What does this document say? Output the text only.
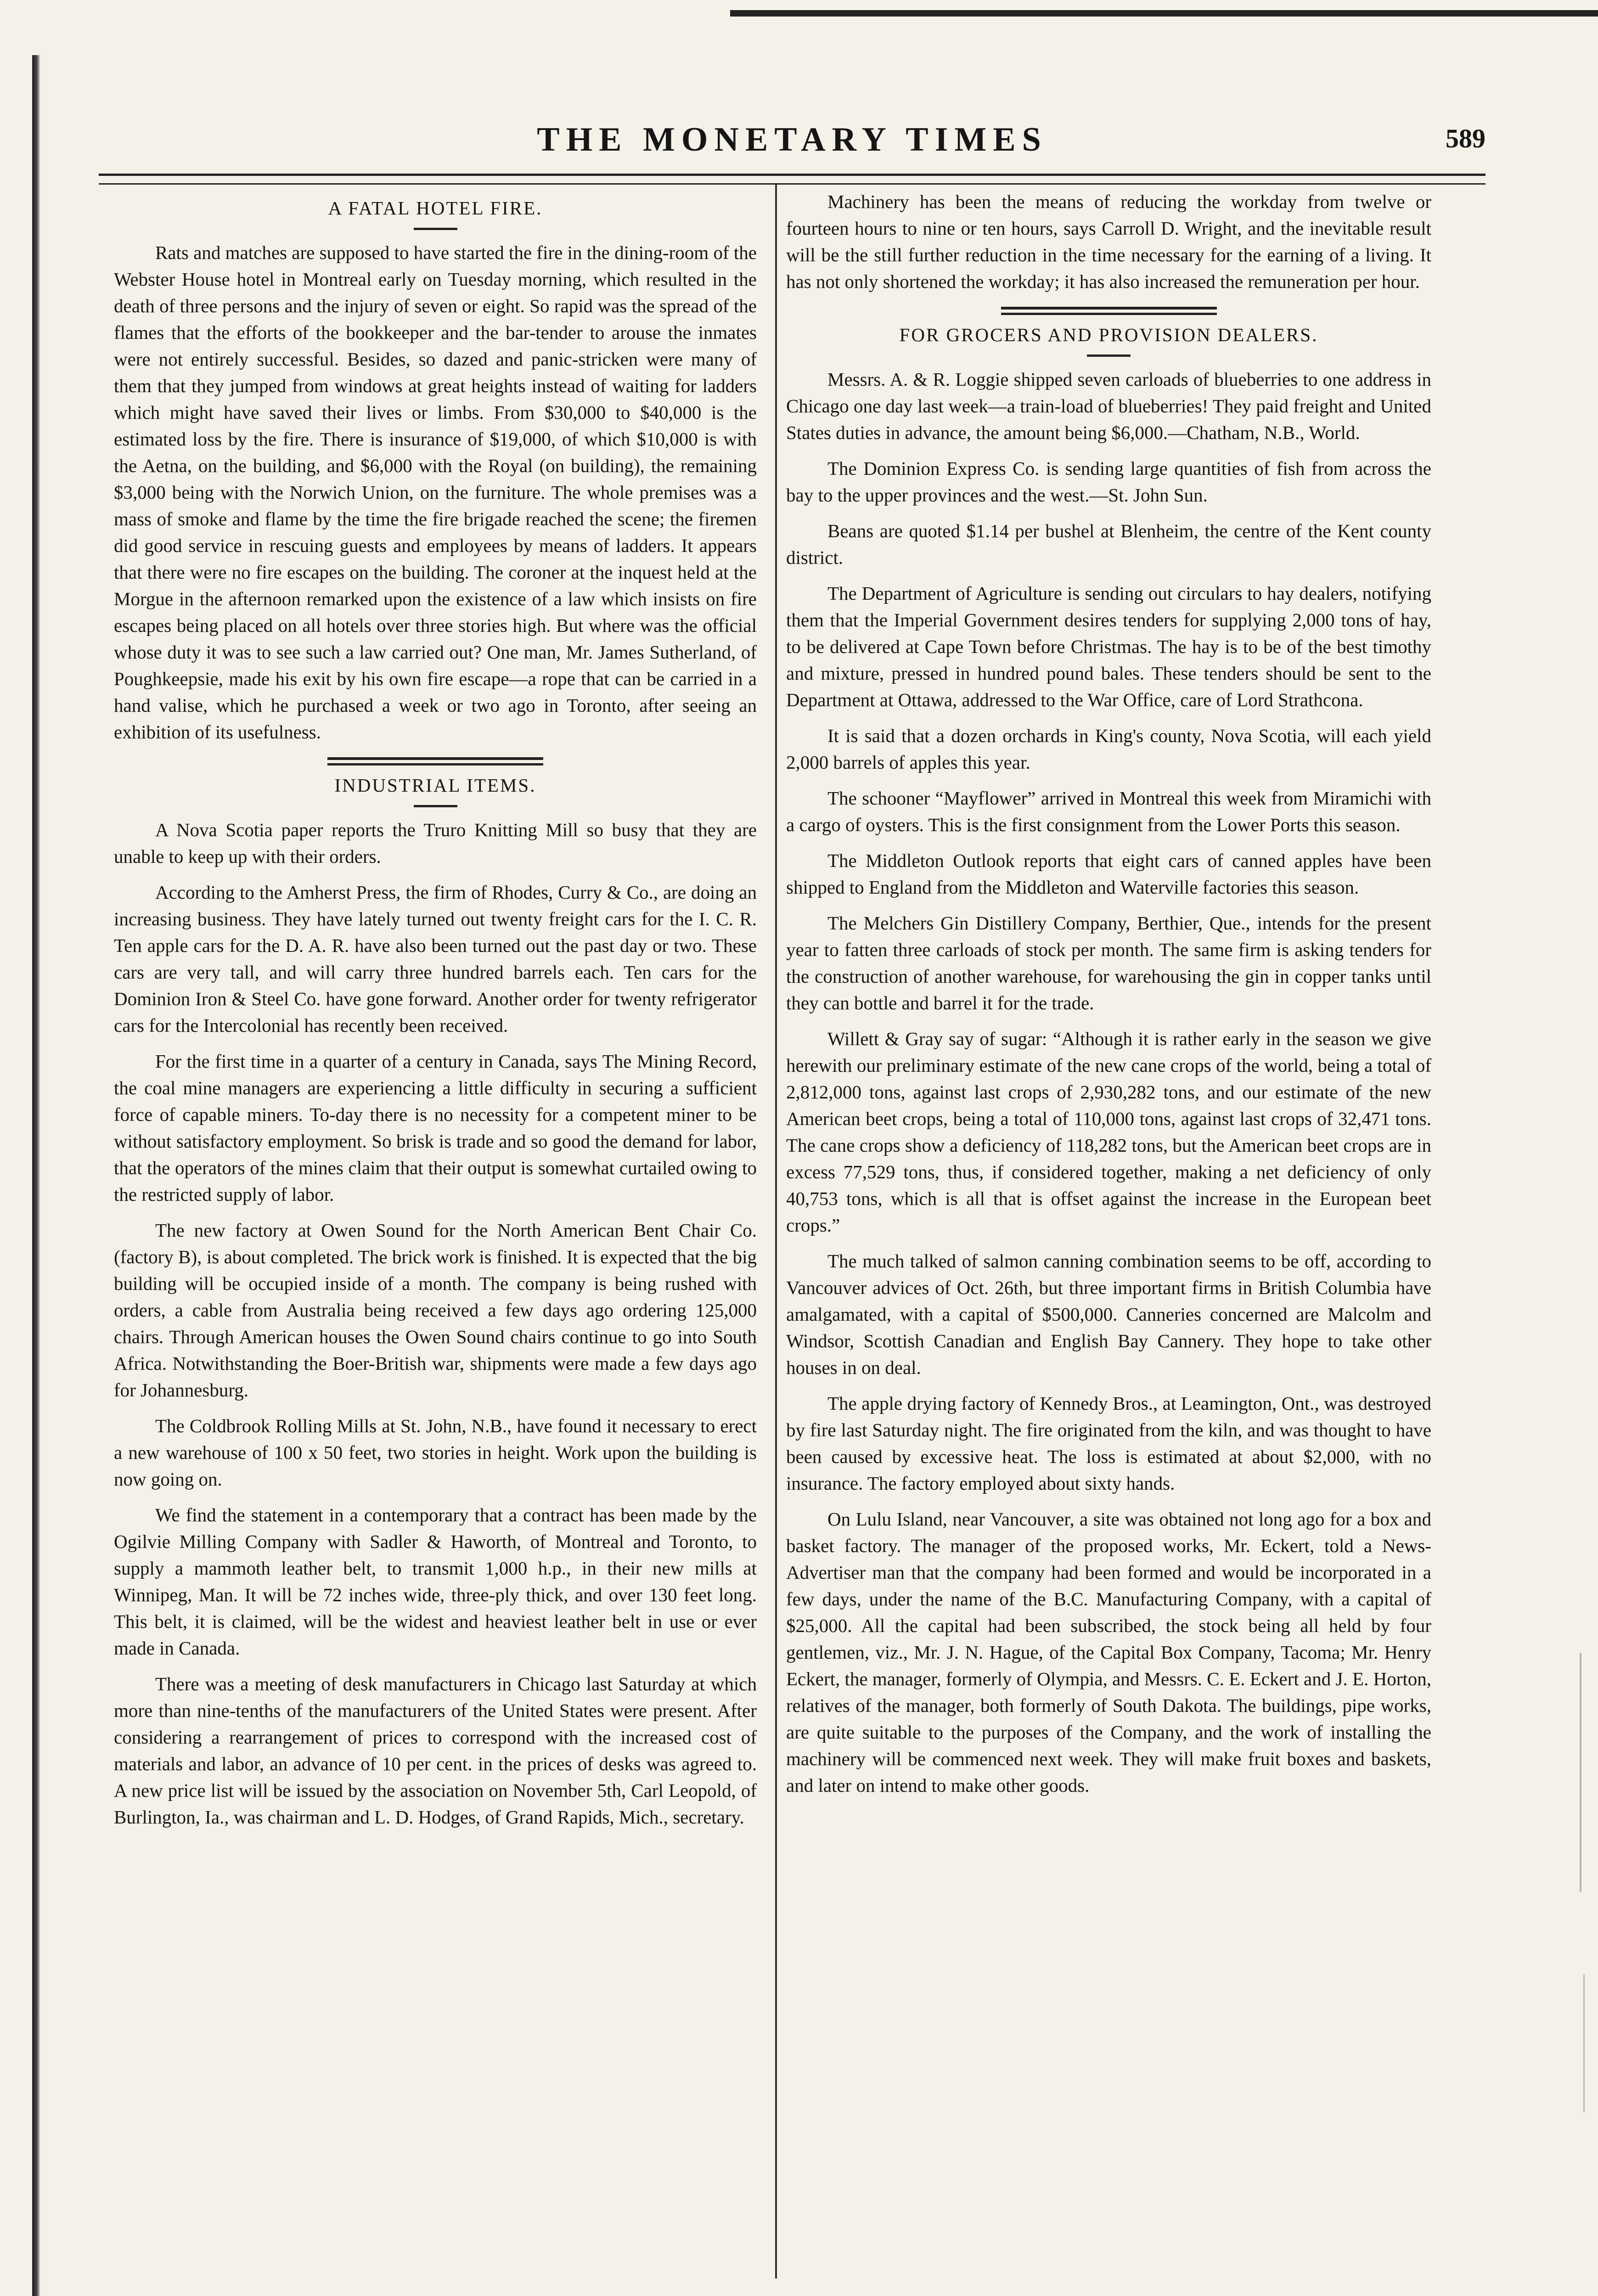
THE MONETARY TIMES	589
A FATAL HOTEL FIRE.

Rats and matches are supposed to have started the fire in the dining-room of the Webster House hotel in Montreal early on Tuesday morning, which resulted in the death of three persons and the injury of seven or eight. So rapid was the spread of the flames that the efforts of the bookkeeper and the bar-tender to arouse the inmates were not entirely successful. Besides, so dazed and panic-stricken were many of them that they jumped from windows at great heights instead of waiting for ladders which might have saved their lives or limbs. From $30,000 to $40,000 is the estimated loss by the fire. There is insurance of $19,000, of which $10,000 is with the Aetna, on the building, and $6,000 with the Royal (on building), the remaining $3,000 being with the Norwich Union, on the furniture. The whole premises was a mass of smoke and flame by the time the fire brigade reached the scene; the firemen did good service in rescuing guests and employees by means of ladders. It appears that there were no fire escapes on the building. The coroner at the inquest held at the Morgue in the afternoon remarked upon the existence of a law which insists on fire escapes being placed on all hotels over three stories high. But where was the official whose duty it was to see such a law carried out? One man, Mr. James Sutherland, of Poughkeepsie, made his exit by his own fire escape—a rope that can be carried in a hand valise, which he purchased a week or two ago in Toronto, after seeing an exhibition of its usefulness.

INDUSTRIAL ITEMS.

A Nova Scotia paper reports the Truro Knitting Mill so busy that they are unable to keep up with their orders.

According to the Amherst Press, the firm of Rhodes, Curry & Co., are doing an increasing business. They have lately turned out twenty freight cars for the I. C. R. Ten apple cars for the D. A. R. have also been turned out the past day or two. These cars are very tall, and will carry three hundred barrels each. Ten cars for the Dominion Iron & Steel Co. have gone forward. Another order for twenty refrigerator cars for the Intercolonial has recently been received.

For the first time in a quarter of a century in Canada, says The Mining Record, the coal mine managers are experiencing a little difficulty in securing a sufficient force of capable miners. To-day there is no necessity for a competent miner to be without satisfactory employment. So brisk is trade and so good the demand for labor, that the operators of the mines claim that their output is somewhat curtailed owing to the restricted supply of labor.

The new factory at Owen Sound for the North American Bent Chair Co. (factory B), is about completed. The brick work is finished. It is expected that the big building will be occupied inside of a month. The company is being rushed with orders, a cable from Australia being received a few days ago ordering 125,000 chairs. Through American houses the Owen Sound chairs continue to go into South Africa. Notwithstanding the Boer-British war, shipments were made a few days ago for Johannesburg.

The Coldbrook Rolling Mills at St. John, N.B., have found it necessary to erect a new warehouse of 100 x 50 feet, two stories in height. Work upon the building is now going on.

We find the statement in a contemporary that a contract has been made by the Ogilvie Milling Company with Sadler & Haworth, of Montreal and Toronto, to supply a mammoth leather belt, to transmit 1,000 h.p., in their new mills at Winnipeg, Man. It will be 72 inches wide, three-ply thick, and over 130 feet long. This belt, it is claimed, will be the widest and heaviest leather belt in use or ever made in Canada.

There was a meeting of desk manufacturers in Chicago last Saturday at which more than nine-tenths of the manufacturers of the United States were present. After considering a rearrangement of prices to correspond with the increased cost of materials and labor, an advance of 10 per cent. in the prices of desks was agreed to. A new price list will be issued by the association on November 5th, Carl Leopold, of Burlington, Ia., was chairman and L. D. Hodges, of Grand Rapids, Mich., secretary.

Machinery has been the means of reducing the workday from twelve or fourteen hours to nine or ten hours, says Carroll D. Wright, and the inevitable result will be the still further reduction in the time necessary for the earning of a living. It has not only shortened the workday; it has also increased the remuneration per hour.

FOR GROCERS AND PROVISION DEALERS.

Messrs. A. & R. Loggie shipped seven carloads of blueberries to one address in Chicago one day last week—a train-load of blueberries! They paid freight and United States duties in advance, the amount being $6,000.—Chatham, N.B., World.

The Dominion Express Co. is sending large quantities of fish from across the bay to the upper provinces and the west.—St. John Sun.

Beans are quoted $1.14 per bushel at Blenheim, the centre of the Kent county district.

The Department of Agriculture is sending out circulars to hay dealers, notifying them that the Imperial Government desires tenders for supplying 2,000 tons of hay, to be delivered at Cape Town before Christmas. The hay is to be of the best timothy and mixture, pressed in hundred pound bales. These tenders should be sent to the Department at Ottawa, addressed to the War Office, care of Lord Strathcona.

It is said that a dozen orchards in King's county, Nova Scotia, will each yield 2,000 barrels of apples this year.

The schooner “Mayflower” arrived in Montreal this week from Miramichi with a cargo of oysters. This is the first consignment from the Lower Ports this season.

The Middleton Outlook reports that eight cars of canned apples have been shipped to England from the Middleton and Waterville factories this season.

The Melchers Gin Distillery Company, Berthier, Que., intends for the present year to fatten three carloads of stock per month. The same firm is asking tenders for the construction of another warehouse, for warehousing the gin in copper tanks until they can bottle and barrel it for the trade.

Willett & Gray say of sugar: “Although it is rather early in the season we give herewith our preliminary estimate of the new cane crops of the world, being a total of 2,812,000 tons, against last crops of 2,930,282 tons, and our estimate of the new American beet crops, being a total of 110,000 tons, against last crops of 32,471 tons. The cane crops show a deficiency of 118,282 tons, but the American beet crops are in excess 77,529 tons, thus, if considered together, making a net deficiency of only 40,753 tons, which is all that is offset against the increase in the European beet crops.”

The much talked of salmon canning combination seems to be off, according to Vancouver advices of Oct. 26th, but three important firms in British Columbia have amalgamated, with a capital of $500,000. Canneries concerned are Malcolm and Windsor, Scottish Canadian and English Bay Cannery. They hope to take other houses in on deal.

The apple drying factory of Kennedy Bros., at Leamington, Ont., was destroyed by fire last Saturday night. The fire originated from the kiln, and was thought to have been caused by excessive heat. The loss is estimated at about $2,000, with no insurance. The factory employed about sixty hands.

On Lulu Island, near Vancouver, a site was obtained not long ago for a box and basket factory. The manager of the proposed works, Mr. Eckert, told a News-Advertiser man that the company had been formed and would be incorporated in a few days, under the name of the B.C. Manufacturing Company, with a capital of $25,000. All the capital had been subscribed, the stock being all held by four gentlemen, viz., Mr. J. N. Hague, of the Capital Box Company, Tacoma; Mr. Henry Eckert, the manager, formerly of Olympia, and Messrs. C. E. Eckert and J. E. Horton, relatives of the manager, both formerly of South Dakota. The buildings, pipe works, are quite suitable to the purposes of the Company, and the work of installing the machinery will be commenced next week. They will make fruit boxes and baskets, and later on intend to make other goods.
